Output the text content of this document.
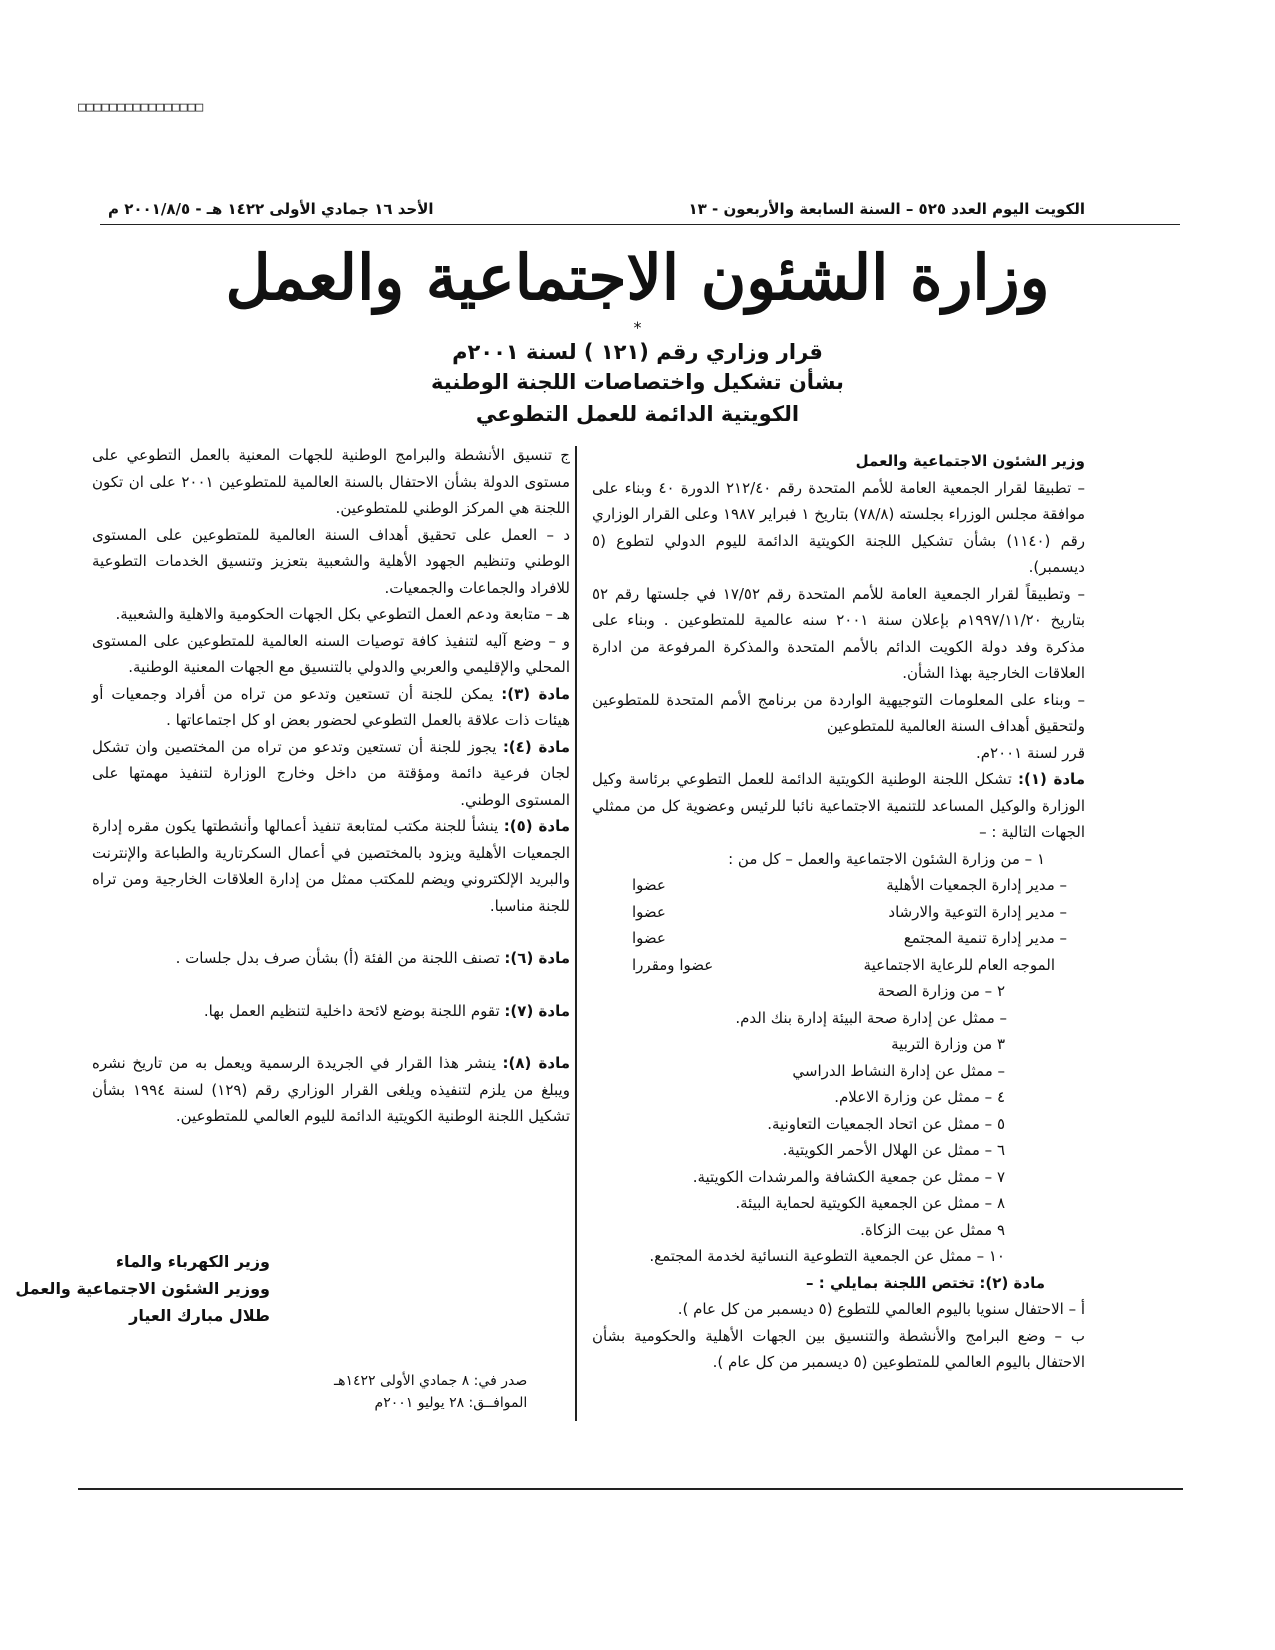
□□□□□□□□□□□□□□□□
الكويت اليوم العدد ٥٢٥ – السنة السابعة والأربعون - ١٣
الأحد ١٦ جمادي الأولى ١٤٢٢ هـ - ٢٠٠١/٨/٥ م
وزارة الشئون الاجتماعية والعمل
*
قرار وزاري رقم (١٢١ ) لسنة ٢٠٠١م
بشأن تشكيل واختصاصات اللجنة الوطنية
الكويتية الدائمة للعمل التطوعي

وزير الشئون الاجتماعية والعمل

– تطبيقا لقرار الجمعية العامة للأمم المتحدة رقم ٢١٢/٤٠ الدورة ٤٠ وبناء على موافقة مجلس الوزراء بجلسته (٧٨/٨) بتاريخ ١ فبراير ١٩٨٧ وعلى القرار الوزاري رقم (١١٤٠) بشأن تشكيل اللجنة الكويتية الدائمة لليوم الدولي لتطوع (٥ ديسمبر).

– وتطبيقاً لقرار الجمعية العامة للأمم المتحدة رقم ١٧/٥٢ في جلستها رقم ٥٢ بتاريخ ١٩٩٧/١١/٢٠م بإعلان سنة ٢٠٠١ سنه عالمية للمتطوعين . وبناء على مذكرة وفد دولة الكويت الدائم بالأمم المتحدة والمذكرة المرفوعة من ادارة العلاقات الخارجية بهذا الشأن.

– وبناء على المعلومات التوجيهية الواردة من برنامج الأمم المتحدة للمتطوعين ولتحقيق أهداف السنة العالمية للمتطوعين

قرر لسنة ٢٠٠١م.

مادة (١): تشكل اللجنة الوطنية الكويتية الدائمة للعمل التطوعي برئاسة وكيل الوزارة والوكيل المساعد للتنمية الاجتماعية نائبا للرئيس وعضوية كل من ممثلي الجهات التالية : –

١ – من وزارة الشئون الاجتماعية والعمل – كل من :

– مدير إدارة الجمعيات الأهلية
عضوا
– مدير إدارة التوعية والارشاد
عضوا
– مدير إدارة تنمية المجتمع
عضوا
الموجه العام للرعاية الاجتماعية
عضوا ومقررا

٢ – من وزارة الصحة

– ممثل عن إدارة صحة البيئة إدارة بنك الدم.

٣ من وزارة التربية

– ممثل عن إدارة النشاط الدراسي

٤ – ممثل عن وزارة الاعلام.

٥ – ممثل عن اتحاد الجمعيات التعاونية.

٦ – ممثل عن الهلال الأحمر الكويتية.

٧ – ممثل عن جمعية الكشافة والمرشدات الكويتية.

٨ – ممثل عن الجمعية الكويتية لحماية البيئة.

٩ ممثل عن بيت الزكاة.

١٠ – ممثل عن الجمعية التطوعية النسائية لخدمة المجتمع.

مادة (٢): تختص اللجنة بمايلي : –

أ – الاحتفال سنويا باليوم العالمي للتطوع (٥ ديسمبر من كل عام ).

ب – وضع البرامج والأنشطة والتنسيق بين الجهات الأهلية والحكومية بشأن الاحتفال باليوم العالمي للمتطوعين (٥ ديسمبر من كل عام ).

ج تنسيق الأنشطة والبرامج الوطنية للجهات المعنية بالعمل التطوعي على مستوى الدولة بشأن الاحتفال بالسنة العالمية للمتطوعين ٢٠٠١ على ان تكون اللجنة هي المركز الوطني للمتطوعين.

د – العمل على تحقيق أهداف السنة العالمية للمتطوعين على المستوى الوطني وتنظيم الجهود الأهلية والشعبية بتعزيز وتنسيق الخدمات التطوعية للافراد والجماعات والجمعيات.

هـ – متابعة ودعم العمل التطوعي بكل الجهات الحكومية والاهلية والشعبية.

و – وضع آليه لتنفيذ كافة توصيات السنه العالمية للمتطوعين على المستوى المحلي والإقليمي والعربي والدولي بالتنسيق مع الجهات المعنية الوطنية.

مادة (٣): يمكن للجنة أن تستعين وتدعو من تراه من أفراد وجمعيات أو هيئات ذات علاقة بالعمل التطوعي لحضور بعض او كل اجتماعاتها .

مادة (٤): يجوز للجنة أن تستعين وتدعو من تراه من المختصين وان تشكل لجان فرعية دائمة ومؤقتة من داخل وخارج الوزارة لتنفيذ مهمتها على المستوى الوطني.

مادة (٥): ينشأ للجنة مكتب لمتابعة تنفيذ أعمالها وأنشطتها يكون مقره إدارة الجمعيات الأهلية ويزود بالمختصين في أعمال السكرتارية والطباعة والإنترنت والبريد الإلكتروني ويضم للمكتب ممثل من إدارة العلاقات الخارجية ومن تراه للجنة مناسبا.

مادة (٦): تصنف اللجنة من الفئة (أ) بشأن صرف بدل جلسات .

مادة (٧): تقوم اللجنة بوضع لائحة داخلية لتنظيم العمل بها.

مادة (٨): ينشر هذا القرار في الجريدة الرسمية ويعمل به من تاريخ نشره ويبلغ من يلزم لتنفيذه ويلغى القرار الوزاري رقم (١٢٩) لسنة ١٩٩٤ بشأن تشكيل اللجنة الوطنية الكويتية الدائمة لليوم العالمي للمتطوعين.

وزير الكهرباء والماء
ووزير الشئون الاجتماعية والعمل
طلال مبارك العيار
صدر في: ٨ جمادي الأولى ١٤٢٢هـ
الموافــق: ٢٨ يوليو ٢٠٠١م
